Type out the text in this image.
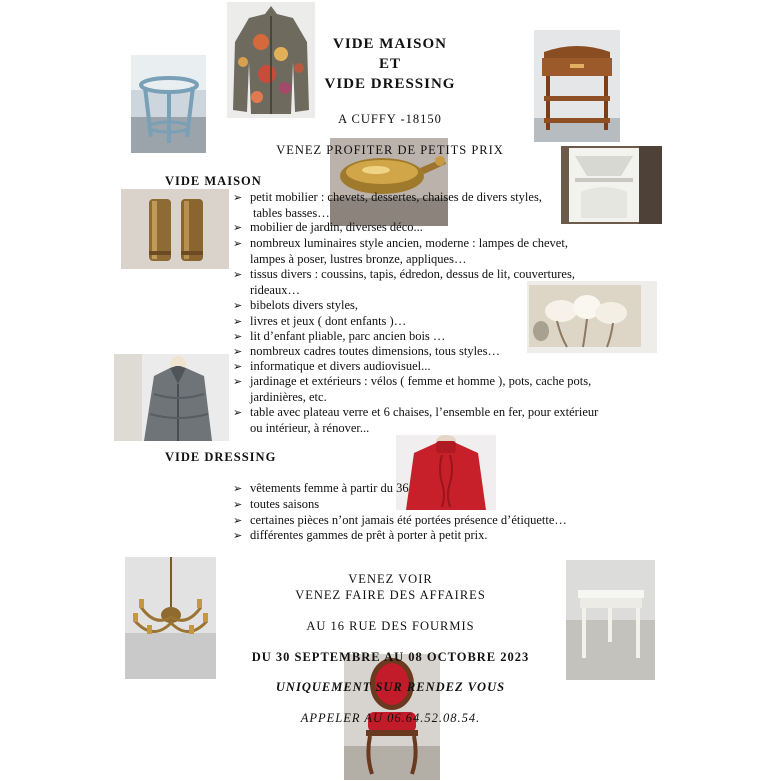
VIDE MAISON
ET
VIDE DRESSING
A CUFFY -18150
VENEZ PROFITER DE PETITS PRIX
VIDE MAISON
➢ petit mobilier : chevets, dessertes, chaises de divers styles,
tables basses…
➢ mobilier de jardin, diverses déco...
➢ nombreux luminaires style ancien, moderne : lampes de chevet,
lampes à poser, lustres bronze, appliques…
➢ tissus divers : coussins, tapis, édredon, dessus de lit, couvertures,
rideaux…
➢ bibelots divers styles,
➢ livres et jeux ( dont enfants )…
➢ lit d’enfant pliable, parc ancien bois …
➢ nombreux cadres toutes dimensions, tous styles…
➢ informatique et divers audiovisuel...
➢ jardinage et extérieurs : vélos ( femme et homme ), pots, cache pots,
jardinières, etc.
➢ table avec plateau verre et 6 chaises, l’ensemble en fer, pour extérieur
ou intérieur, à rénover...
VIDE DRESSING
➢ vêtements femme à partir du 36
➢ toutes saisons
➢ certaines pièces n’ont jamais été portées présence d’étiquette…
➢ différentes gammes de prêt à porter à petit prix.
VENEZ VOIR
VENEZ FAIRE DES AFFAIRES
AU 16 RUE DES FOURMIS
DU 30 SEPTEMBRE AU 08 OCTOBRE 2023
UNIQUEMENT SUR RENDEZ VOUS
APPELER AU 06.64.52.08.54.
